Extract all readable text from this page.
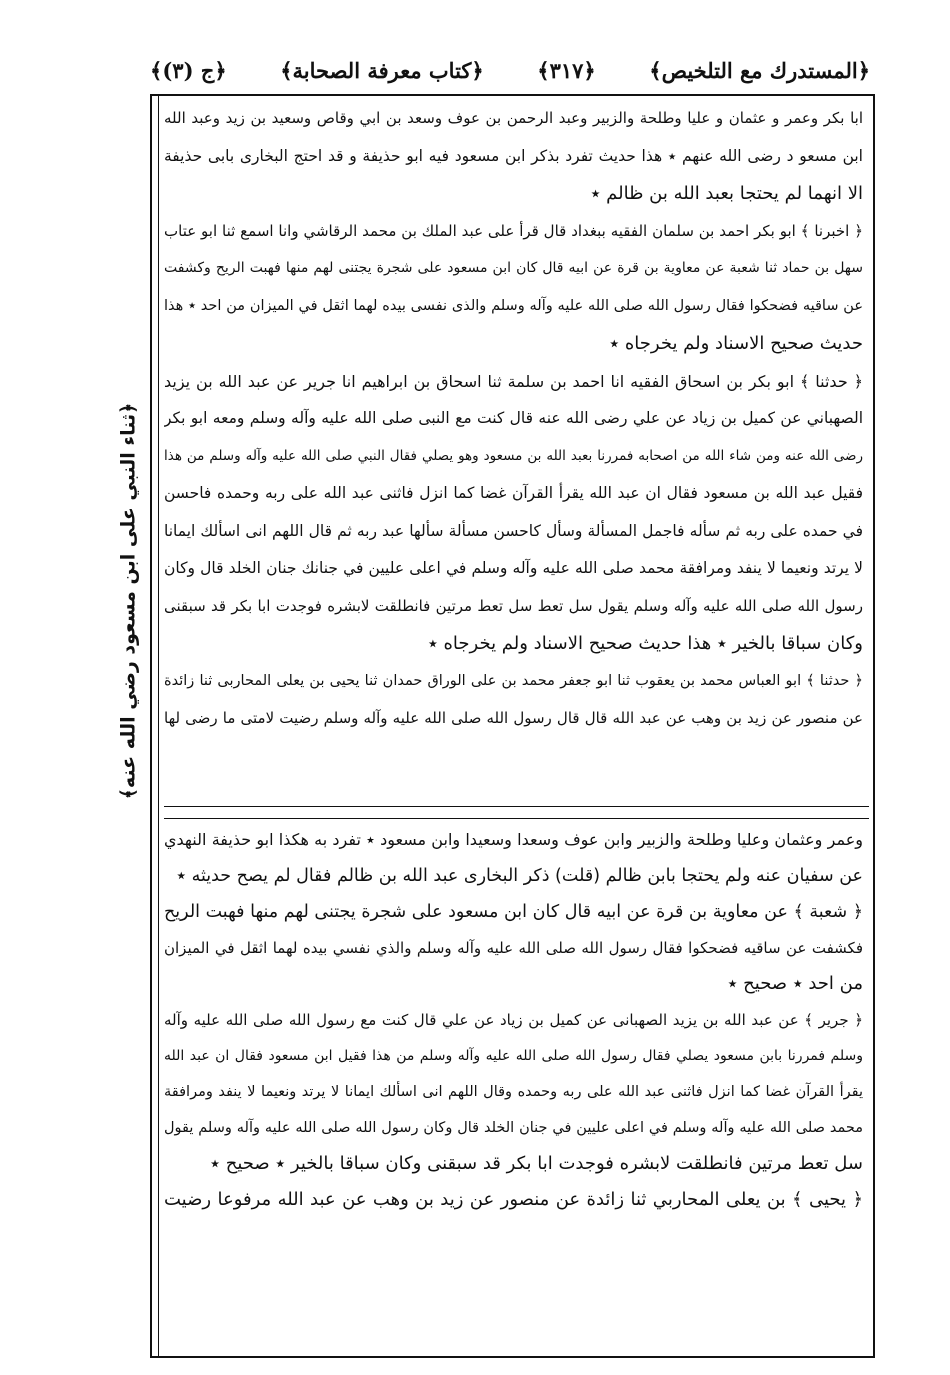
﴿المستدرك مع التلخيص﴾
﴿٣١٧﴾
﴿كتاب معرفة الصحابة﴾
﴿ج (٣)﴾
﴿ثناء النبي على ابن مسعود رضي الله عنه﴾
ابا بكر وعمر و عثمان و عليا وطلحة والزبير وعبد الرحمن بن عوف وسعد بن ابي وقاص وسعيد بن زيد وعبد الله
ابن مسعو د رضى الله عنهم ٭ هذا حديث تفرد بذكر ابن مسعود فيه ابو حذيفة و قد احتج البخارى بابى حذيفة
الا انهما لم يحتجا بعبد الله بن ظالم ٭
﴿ اخبرنا ﴾ ابو بكر احمد بن سلمان الفقيه ببغداد قال قرأ على عبد الملك بن محمد الرقاشي وانا اسمع ثنا ابو عتاب
سهل بن حماد ثنا شعبة عن معاوية بن قرة عن ابيه قال كان ابن مسعود على شجرة يجتنى لهم منها فهبت الريح وكشفت
عن ساقيه فضحكوا فقال رسول الله صلى الله عليه وآله وسلم والذى نفسى بيده لهما اثقل في الميزان من احد ٭ هذا
حديث صحيح الاسناد ولم يخرجاه ٭
﴿ حدثنا ﴾ ابو بكر بن اسحاق الفقيه انا احمد بن سلمة ثنا اسحاق بن ابراهيم انا جرير عن عبد الله بن يزيد
الصهباني عن كميل بن زياد عن علي رضى الله عنه قال كنت مع النبى صلى الله عليه وآله وسلم ومعه ابو بكر
رضى الله عنه ومن شاء الله من اصحابه فمررنا بعبد الله بن مسعود وهو يصلي فقال النبي صلى الله عليه وآله وسلم من هذا
فقيل عبد الله بن مسعود فقال ان عبد الله يقرأ القرآن غضا كما انزل فاثنى عبد الله على ربه وحمده فاحسن
في حمده على ربه ثم سأله فاجمل المسألة وسأل كاحسن مسألة سألها عبد ربه ثم قال اللهم انى اسألك ايمانا
لا يرتد ونعيما لا ينفد ومرافقة محمد صلى الله عليه وآله وسلم في اعلى عليين في جنانك جنان الخلد قال وكان
رسول الله صلى الله عليه وآله وسلم يقول سل تعط سل تعط مرتين فانطلقت لابشره فوجدت ابا بكر قد سبقنى
وكان سباقا بالخير ٭ هذا حديث صحيح الاسناد ولم يخرجاه ٭
﴿ حدثنا ﴾ ابو العباس محمد بن يعقوب ثنا ابو جعفر محمد بن على الوراق حمدان ثنا يحيى بن يعلى المحاربى ثنا زائدة
عن منصور عن زيد بن وهب عن عبد الله قال قال رسول الله صلى الله عليه وآله وسلم رضيت لامتى ما رضى لها
وعمر وعثمان وعليا وطلحة والزبير وابن عوف وسعدا وسعيدا وابن مسعود ٭ تفرد به هكذا ابو حذيفة النهدي
عن سفيان عنه ولم يحتجا بابن ظالم (قلت) ذكر البخارى عبد الله بن ظالم فقال لم يصح حديثه ٭
﴿ شعبة ﴾ عن معاوية بن قرة عن ابيه قال كان ابن مسعود على شجرة يجتنى لهم منها فهبت الريح
فكشفت عن ساقيه فضحكوا فقال رسول الله صلى الله عليه وآله وسلم والذي نفسي بيده لهما اثقل في الميزان
من احد ٭ صحيح ٭
﴿ جرير ﴾ عن عبد الله بن يزيد الصهبانى عن كميل بن زياد عن علي قال كنت مع رسول الله صلى الله عليه وآله
وسلم فمررنا بابن مسعود يصلي فقال رسول الله صلى الله عليه وآله وسلم من هذا فقيل ابن مسعود فقال ان عبد الله
يقرأ القرآن غضا كما انزل فاثنى عبد الله على ربه وحمده وقال اللهم انى اسألك ايمانا لا يرتد ونعيما لا ينفد ومرافقة
محمد صلى الله عليه وآله وسلم في اعلى عليين في جنان الخلد قال وكان رسول الله صلى الله عليه وآله وسلم يقول
سل تعط مرتين فانطلقت لابشره فوجدت ابا بكر قد سبقنى وكان سباقا بالخير ٭ صحيح ٭
﴿ يحيى ﴾ بن يعلى المحاربي ثنا زائدة عن منصور عن زيد بن وهب عن عبد الله مرفوعا رضيت
